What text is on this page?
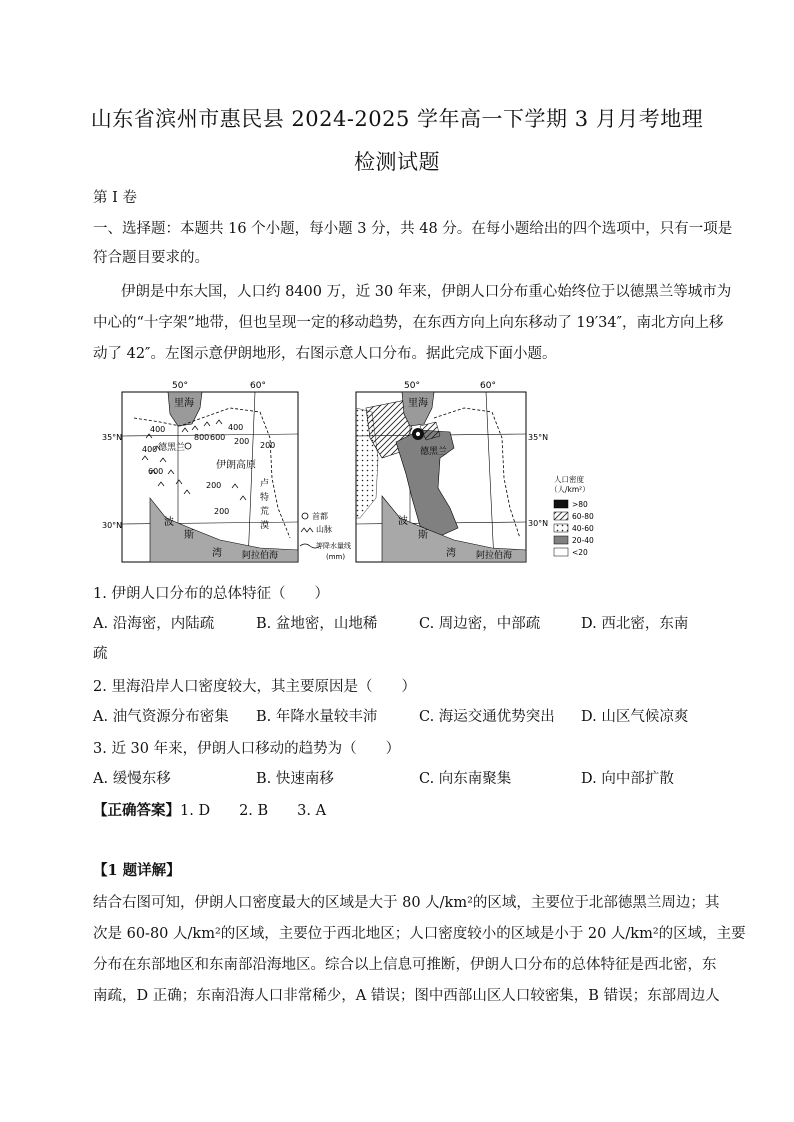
山东省滨州市惠民县 2024-2025 学年高一下学期 3 月月考地理
检测试题
第 I 卷
一、选择题：本题共 16 个小题，每小题 3 分，共 48 分。在每小题给出的四个选项中，只有一项是
符合题目要求的。
伊朗是中东大国，人口约 8400 万，近 30 年来，伊朗人口分布重心始终位于以德黑兰等城市为
中心的“十字架”地带，但也呈现一定的移动趋势，在东西方向上向东移动了 19′34″，南北方向上移
动了 42″。左图示意伊朗地形，右图示意人口分布。据此完成下面小题。
50°	60°
35°N
30°N
里海
波
斯
湾 阿拉伯海
400
800 600 200
400
200
400
600
200
200
德黑兰
伊朗高原
卢
特
荒
漠
首都
山脉
等降水量线
(mm)
50°	60°
35°N
30°N
里海
德黑兰
波
斯
湾 阿拉伯海
人口密度
（人/km²）
>80
60-80
40-60
20-40
<20
1. 伊朗人口分布的总体特征（　　）
A. 沿海密，内陆疏	B. 盆地密，山地稀	C. 周边密，中部疏	D. 西北密，东南
疏
2. 里海沿岸人口密度较大，其主要原因是（　　）
A. 油气资源分布密集 B. 年降水量较丰沛	C. 海运交通优势突出 D. 山区气候凉爽
3. 近 30 年来，伊朗人口移动的趋势为（　　）
A. 缓慢东移	B. 快速南移	C. 向东南聚集	D. 向中部扩散
【正确答案】1. D　　2. B　　3. A
【1 题详解】
结合右图可知，伊朗人口密度最大的区域是大于 80 人/km²的区域，主要位于北部德黑兰周边；其
次是 60-80 人/km²的区域，主要位于西北地区；人口密度较小的区域是小于 20 人/km²的区域，主要
分布在东部地区和东南部沿海地区。综合以上信息可推断，伊朗人口分布的总体特征是西北密，东
南疏，D 正确；东南沿海人口非常稀少，A 错误；图中西部山区人口较密集，B 错误；东部周边人
